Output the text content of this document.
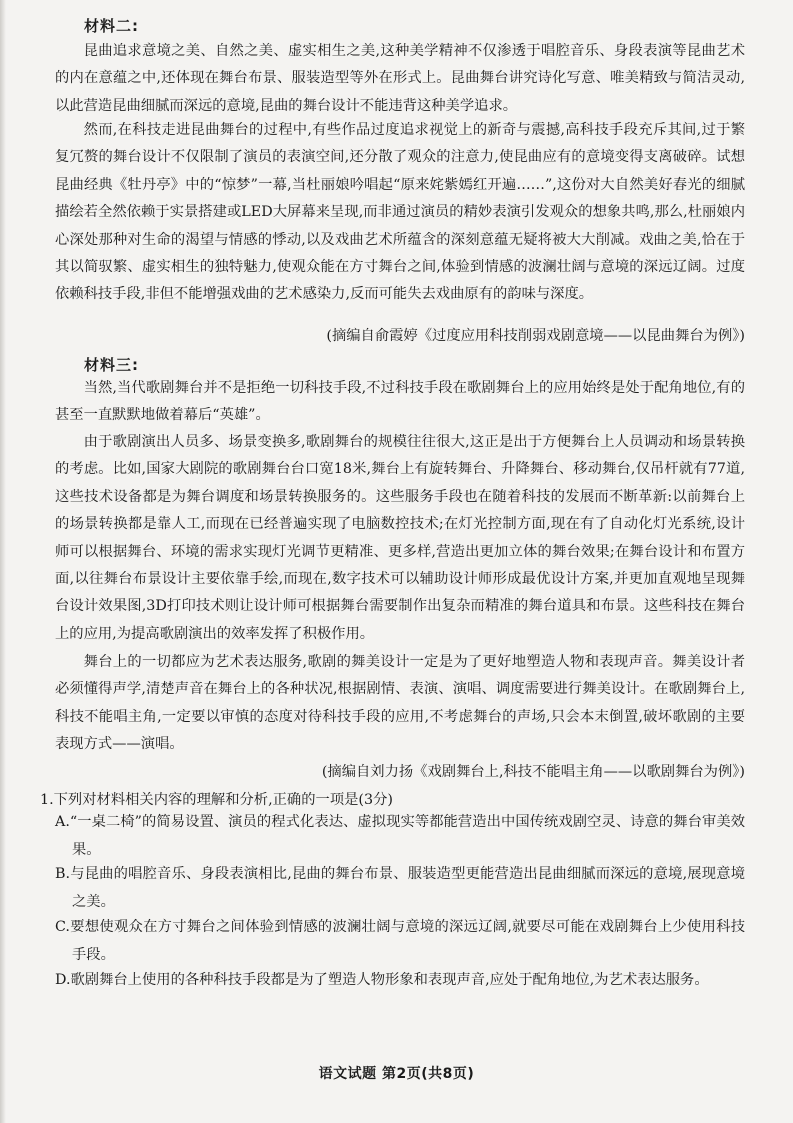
材料二:

昆曲追求意境之美、自然之美、虚实相生之美,这种美学精神不仅渗透于唱腔音乐、身段表演等昆曲艺术的内在意蕴之中,还体现在舞台布景、服装造型等外在形式上。昆曲舞台讲究诗化写意、唯美精致与简洁灵动,以此营造昆曲细腻而深远的意境,昆曲的舞台设计不能违背这种美学追求。

然而,在科技走进昆曲舞台的过程中,有些作品过度追求视觉上的新奇与震撼,高科技手段充斥其间,过于繁复冗赘的舞台设计不仅限制了演员的表演空间,还分散了观众的注意力,使昆曲应有的意境变得支离破碎。试想昆曲经典《牡丹亭》中的“惊梦”一幕,当杜丽娘吟唱起“原来姹紫嫣红开遍……”,这份对大自然美好春光的细腻描绘若全然依赖于实景搭建或LED大屏幕来呈现,而非通过演员的精妙表演引发观众的想象共鸣,那么,杜丽娘内心深处那种对生命的渴望与情感的悸动,以及戏曲艺术所蕴含的深刻意蕴无疑将被大大削减。戏曲之美,恰在于其以简驭繁、虚实相生的独特魅力,使观众能在方寸舞台之间,体验到情感的波澜壮阔与意境的深远辽阔。过度依赖科技手段,非但不能增强戏曲的艺术感染力,反而可能失去戏曲原有的韵味与深度。

(摘编自俞霞婷《过度应用科技削弱戏剧意境——以昆曲舞台为例》)
材料三:

当然,当代歌剧舞台并不是拒绝一切科技手段,不过科技手段在歌剧舞台上的应用始终是处于配角地位,有的甚至一直默默地做着幕后“英雄”。

由于歌剧演出人员多、场景变换多,歌剧舞台的规模往往很大,这正是出于方便舞台上人员调动和场景转换的考虑。比如,国家大剧院的歌剧舞台台口宽18米,舞台上有旋转舞台、升降舞台、移动舞台,仅吊杆就有77道,这些技术设备都是为舞台调度和场景转换服务的。这些服务手段也在随着科技的发展而不断革新:以前舞台上的场景转换都是靠人工,而现在已经普遍实现了电脑数控技术;在灯光控制方面,现在有了自动化灯光系统,设计师可以根据舞台、环境的需求实现灯光调节更精准、更多样,营造出更加立体的舞台效果;在舞台设计和布置方面,以往舞台布景设计主要依靠手绘,而现在,数字技术可以辅助设计师形成最优设计方案,并更加直观地呈现舞台设计效果图,3D打印技术则让设计师可根据舞台需要制作出复杂而精准的舞台道具和布景。这些科技在舞台上的应用,为提高歌剧演出的效率发挥了积极作用。

舞台上的一切都应为艺术表达服务,歌剧的舞美设计一定是为了更好地塑造人物和表现声音。舞美设计者必须懂得声学,清楚声音在舞台上的各种状况,根据剧情、表演、演唱、调度需要进行舞美设计。在歌剧舞台上,科技不能唱主角,一定要以审慎的态度对待科技手段的应用,不考虑舞台的声场,只会本末倒置,破坏歌剧的主要表现方式——演唱。

(摘编自刘力扬《戏剧舞台上,科技不能唱主角——以歌剧舞台为例》)
1.下列对材料相关内容的理解和分析,正确的一项是(3分)

A.“一桌二椅”的简易设置、演员的程式化表达、虚拟现实等都能营造出中国传统戏剧空灵、诗意的舞台审美效果。

B.与昆曲的唱腔音乐、身段表演相比,昆曲的舞台布景、服装造型更能营造出昆曲细腻而深远的意境,展现意境之美。

C.要想使观众在方寸舞台之间体验到情感的波澜壮阔与意境的深远辽阔,就要尽可能在戏剧舞台上少使用科技手段。

D.歌剧舞台上使用的各种科技手段都是为了塑造人物形象和表现声音,应处于配角地位,为艺术表达服务。

语文试题 第2页(共8页)
